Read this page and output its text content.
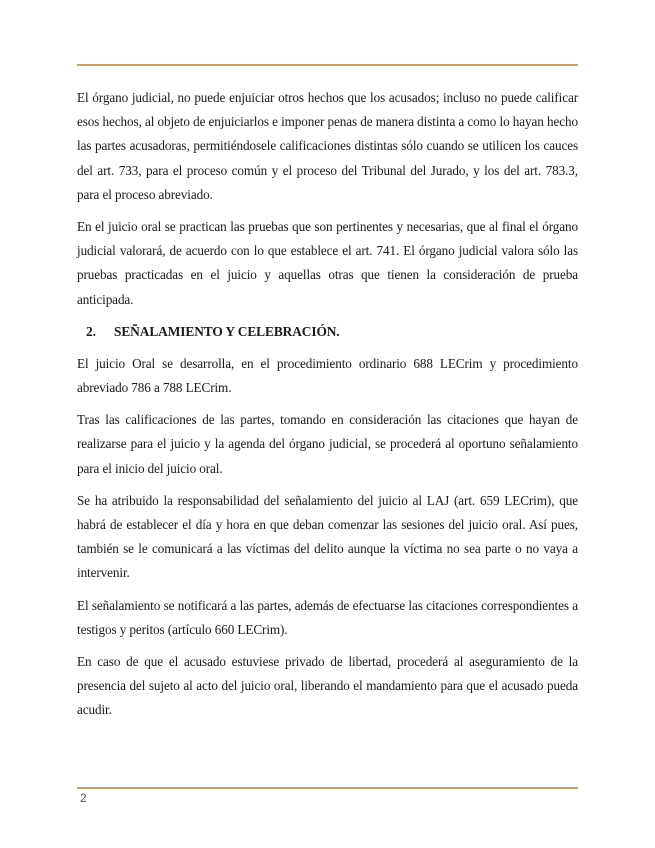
El órgano judicial, no puede enjuiciar otros hechos que los acusados; incluso no puede calificar esos hechos, al objeto de enjuiciarlos e imponer penas de manera distinta a como lo hayan hecho las partes acusadoras, permitiéndosele calificaciones distintas sólo cuando se utilicen los cauces del art. 733, para el proceso común y el proceso del Tribunal del Jurado, y los del art. 783.3, para el proceso abreviado.

En el juicio oral se practican las pruebas que son pertinentes y necesarias, que al final el órgano judicial valorará, de acuerdo con lo que establece el art. 741. El órgano judicial valora sólo las pruebas practicadas en el juicio y aquellas otras que tienen la consideración de prueba anticipada.

2.	SEÑALAMIENTO Y CELEBRACIÓN.

El juicio Oral se desarrolla, en el procedimiento ordinario 688 LECrim y procedimiento abreviado 786 a 788 LECrim.

Tras las calificaciones de las partes, tomando en consideración las citaciones que hayan de realizarse para el juicio y la agenda del órgano judicial, se procederá al oportuno señalamiento para el inicio del juicio oral.

Se ha atribuido la responsabilidad del señalamiento del juicio al LAJ (art. 659 LECrim), que habrá de establecer el día y hora en que deban comenzar las sesiones del juicio oral. Así pues, también se le comunicará a las víctimas del delito aunque la víctima no sea parte o no vaya a intervenir.

El señalamiento se notificará a las partes, además de efectuarse las citaciones correspondientes a testigos y peritos (artículo 660 LECrim).

En caso de que el acusado estuviese privado de libertad, procederá al aseguramiento de la presencia del sujeto al acto del juicio oral, liberando el mandamiento para que el acusado pueda acudir.

2
